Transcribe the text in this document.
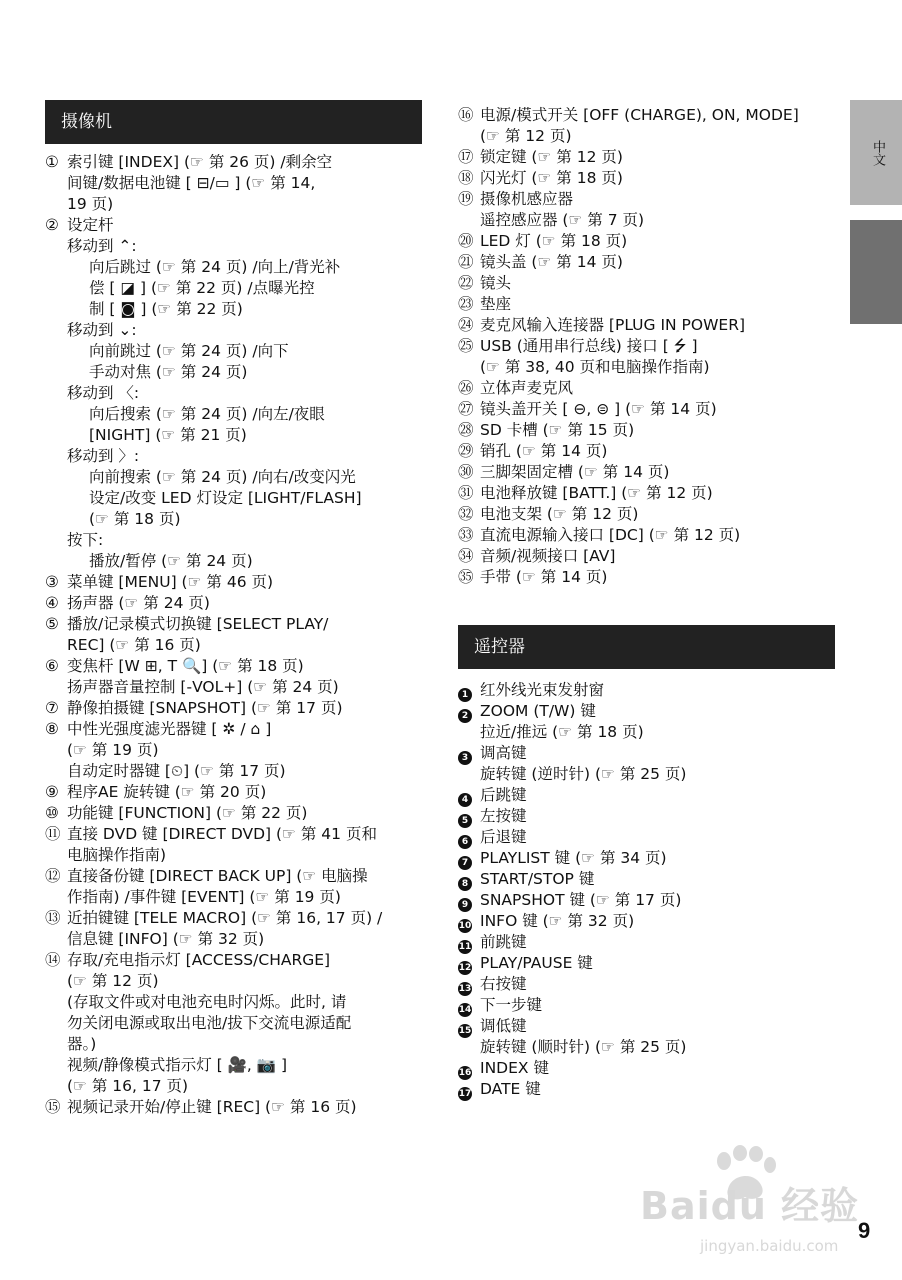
摄像机
① 索引键 [INDEX] (☞ 第 26 页) /剩余空
间键/数据电池键 [ ⊟/▭ ] (☞ 第 14,
19 页)
② 设定杆
移动到 ⌃:
向后跳过 (☞ 第 24 页) /向上/背光补
偿 [ ◪ ] (☞ 第 22 页) /点曝光控
制 [ ◙ ] (☞ 第 22 页)
移动到 ⌄:
向前跳过 (☞ 第 24 页) /向下
手动对焦 (☞ 第 24 页)
移动到 〈:
向后搜索 (☞ 第 24 页) /向左/夜眼
[NIGHT] (☞ 第 21 页)
移动到 〉:
向前搜索 (☞ 第 24 页) /向右/改变闪光
设定/改变 LED 灯设定 [LIGHT/FLASH]
(☞ 第 18 页)
按下:
播放/暂停 (☞ 第 24 页)
③ 菜单键 [MENU] (☞ 第 46 页)
④ 扬声器 (☞ 第 24 页)
⑤ 播放/记录模式切换键 [SELECT PLAY/
REC] (☞ 第 16 页)
⑥ 变焦杆 [W ⊞, T 🔍] (☞ 第 18 页)
扬声器音量控制 [-VOL+] (☞ 第 24 页)
⑦ 静像拍摄键 [SNAPSHOT] (☞ 第 17 页)
⑧ 中性光强度滤光器键 [ ✲ / ⌂ ]
(☞ 第 19 页)
自动定时器键 [⏲] (☞ 第 17 页)
⑨ 程序AE 旋转键 (☞ 第 20 页)
⑩ 功能键 [FUNCTION] (☞ 第 22 页)
⑪ 直接 DVD 键 [DIRECT DVD] (☞ 第 41 页和
电脑操作指南)
⑫ 直接备份键 [DIRECT BACK UP] (☞ 电脑操
作指南) /事件键 [EVENT] (☞ 第 19 页)
⑬ 近拍键键 [TELE MACRO] (☞ 第 16, 17 页) /
信息键 [INFO] (☞ 第 32 页)
⑭ 存取/充电指示灯 [ACCESS/CHARGE]
(☞ 第 12 页)
(存取文件或对电池充电时闪烁。此时, 请
勿关闭电源或取出电池/拔下交流电源适配
器。)
视频/静像模式指示灯 [ 🎥, 📷 ]
(☞ 第 16, 17 页)
⑮ 视频记录开始/停止键 [REC] (☞ 第 16 页)
⑯ 电源/模式开关 [OFF (CHARGE), ON, MODE]
(☞ 第 12 页)
⑰ 锁定键 (☞ 第 12 页)
⑱ 闪光灯 (☞ 第 18 页)
⑲ 摄像机感应器
遥控感应器 (☞ 第 7 页)
⑳ LED 灯 (☞ 第 18 页)
㉑ 镜头盖 (☞ 第 14 页)
㉒ 镜头
㉓ 垫座
㉔ 麦克风输入连接器 [PLUG IN POWER]
㉕ USB (通用串行总线) 接口 [ ⭍ ]
(☞ 第 38, 40 页和电脑操作指南)
㉖ 立体声麦克风
㉗ 镜头盖开关 [ ⊖, ⊜ ] (☞ 第 14 页)
㉘ SD 卡槽 (☞ 第 15 页)
㉙ 销孔 (☞ 第 14 页)
㉚ 三脚架固定槽 (☞ 第 14 页)
㉛ 电池释放键 [BATT.] (☞ 第 12 页)
㉜ 电池支架 (☞ 第 12 页)
㉝ 直流电源输入接口 [DC] (☞ 第 12 页)
㉞ 音频/视频接口 [AV]
㉟ 手带 (☞ 第 14 页)
遥控器
1 红外线光束发射窗
2 ZOOM (T/W) 键
拉近/推远 (☞ 第 18 页)
3 调高键
旋转键 (逆时针) (☞ 第 25 页)
4 后跳键
5 左按键
6 后退键
7 PLAYLIST 键 (☞ 第 34 页)
8 START/STOP 键
9 SNAPSHOT 键 (☞ 第 17 页)
10 INFO 键 (☞ 第 32 页)
11 前跳键
12 PLAY/PAUSE 键
13 右按键
14 下一步键
15 调低键
旋转键 (顺时针) (☞ 第 25 页)
16 INDEX 键
17 DATE 键
中文
Baidu 经验
jingyan.baidu.com
9
